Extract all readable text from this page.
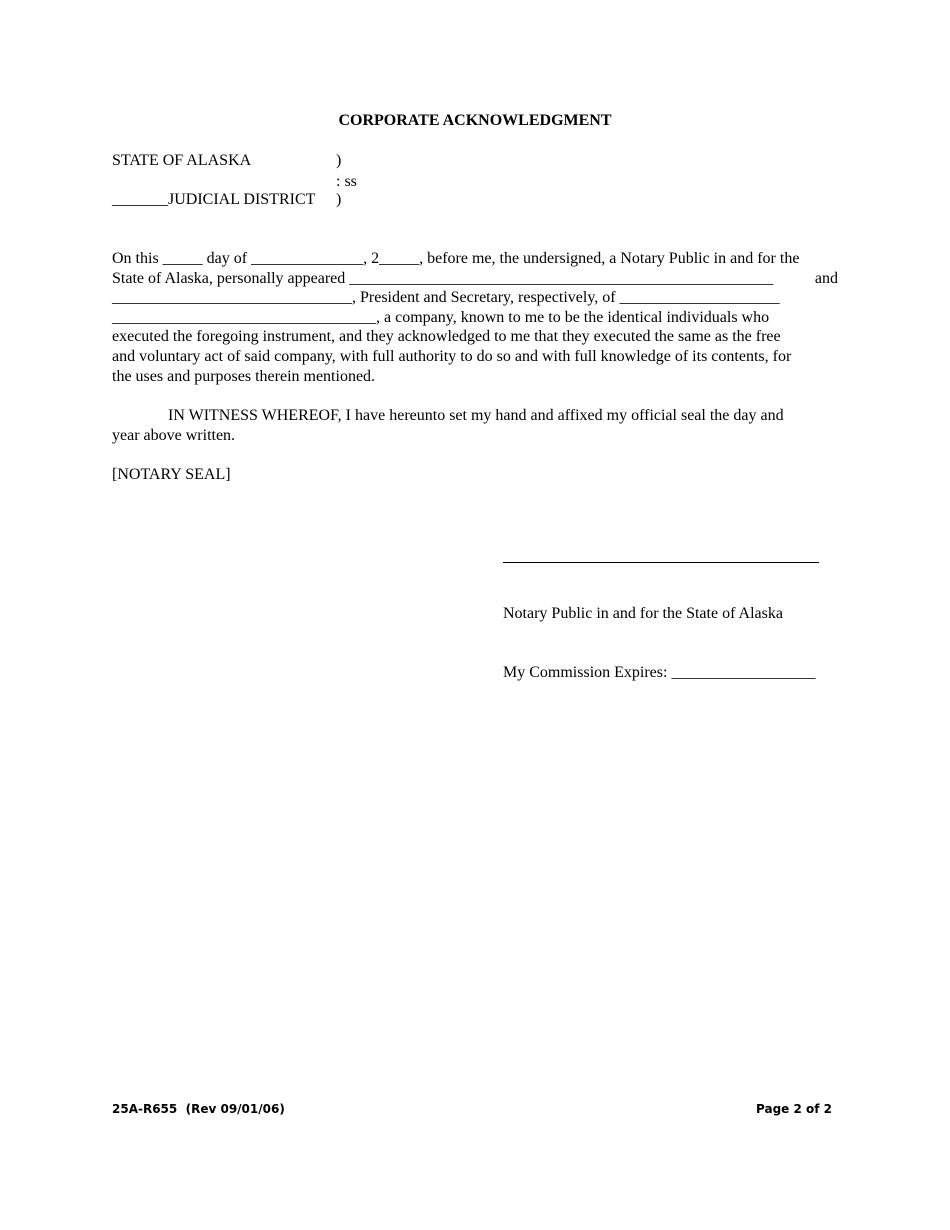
CORPORATE ACKNOWLEDGMENT
STATE OF ALASKA	)
: ss
_______JUDICIAL DISTRICT )
On this _____ day of ______________, 2_____, before me, the undersigned, a Notary Public in and for the
State of Alaska, personally appeared _____________________________________________________	and
______________________________, President and Secretary, respectively, of ____________________
_________________________________, a company, known to me to be the identical individuals who
executed the foregoing instrument, and they acknowledged to me that they executed the same as the free
and voluntary act of said company, with full authority to do so and with full knowledge of its contents, for
the uses and purposes therein mentioned.
IN WITNESS WHEREOF, I have hereunto set my hand and affixed my official seal the day and
year above written.
[NOTARY SEAL]

Notary Public in and for the State of Alaska

My Commission Expires: __________________

25A-R655  (Rev 09/01/06)	Page 2 of 2
